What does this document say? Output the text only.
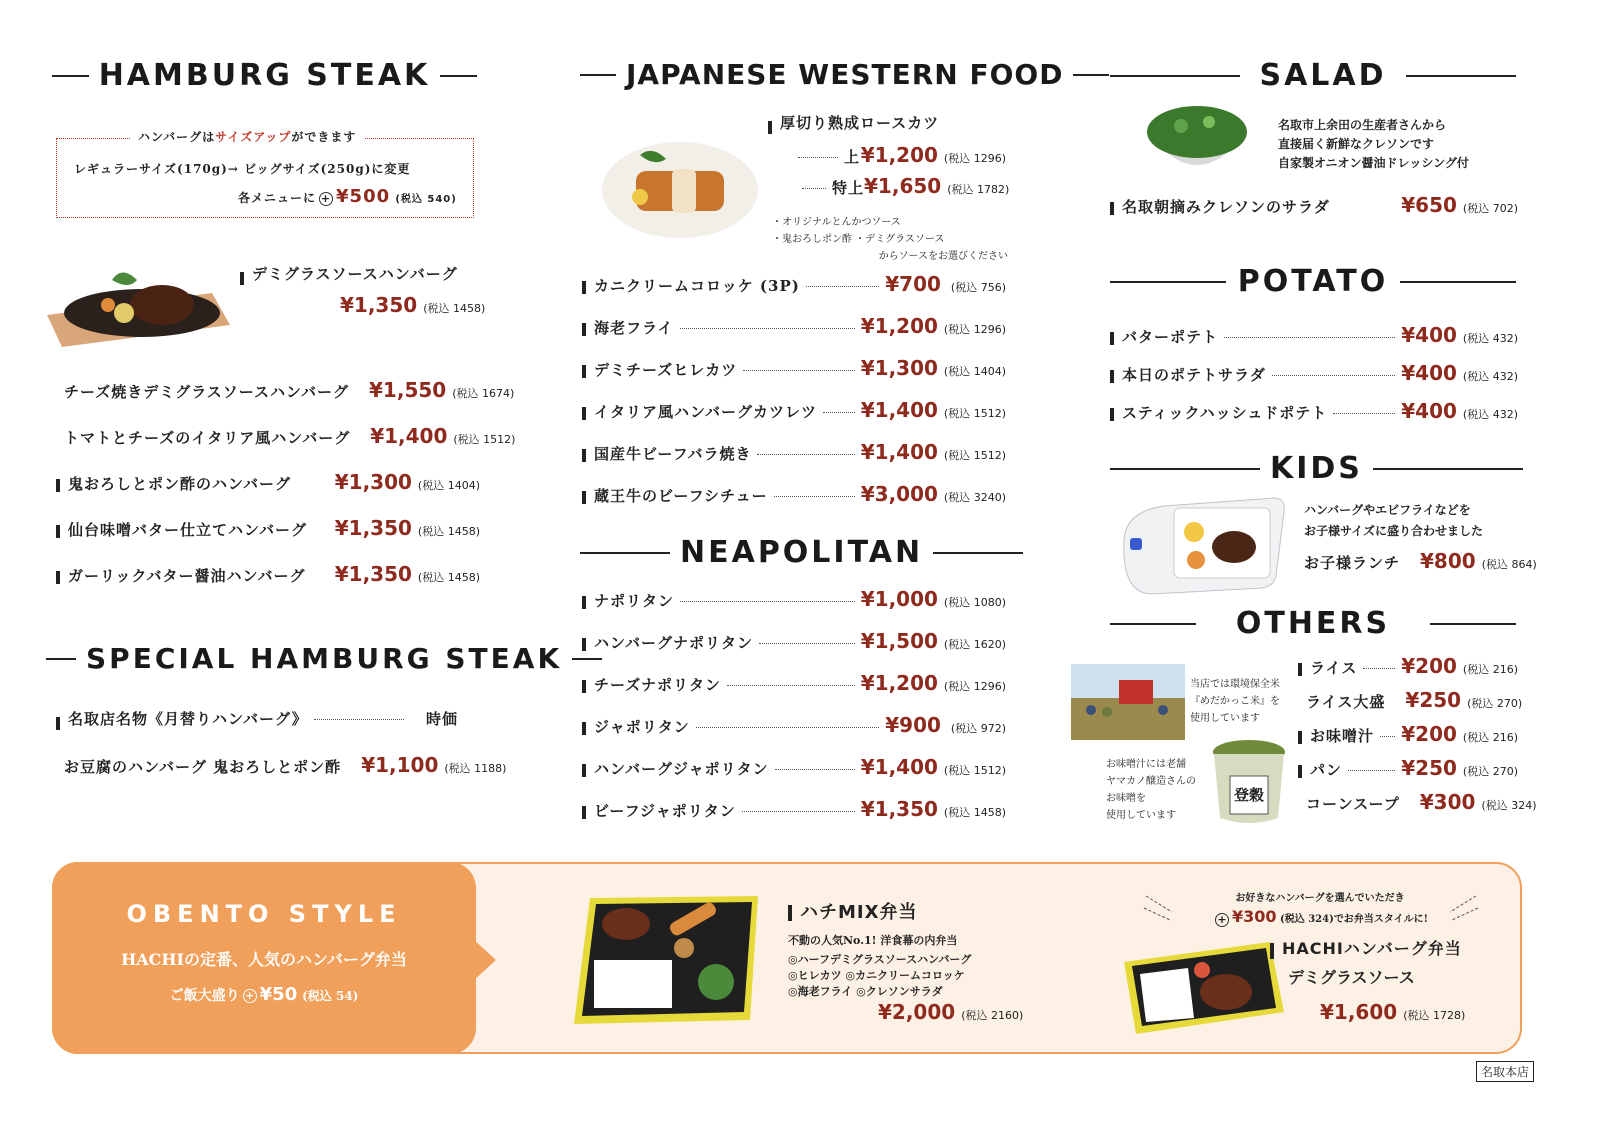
HAMBURG STEAK
ハンバーグはサイズアップができます
レギュラーサイズ(170g)→ ビッグサイズ(250g)に変更
各メニューに + ¥500 (税込 540)
デミグラスソースハンバーグ
¥1,350 (税込 1458)
チーズ焼きデミグラスソースハンバーグ ¥1,550 (税込 1674)
トマトとチーズのイタリア風ハンバーグ ¥1,400 (税込 1512)
鬼おろしとポン酢のハンバーグ ¥1,300 (税込 1404)
仙台味噌バター仕立てハンバーグ ¥1,350 (税込 1458)
ガーリックバター醤油ハンバーグ ¥1,350 (税込 1458)
SPECIAL HAMBURG STEAK
名取店名物《月替りハンバーグ》	時価
お豆腐のハンバーグ 鬼おろしとポン酢 ¥1,100 (税込 1188)
JAPANESE WESTERN FOOD
厚切り熟成ロースカツ
上 ¥1,200 (税込 1296)
特上 ¥1,650 (税込 1782)
・オリジナルとんかつソース
・鬼おろしポン酢 ・デミグラスソース
からソースをお選びください
カニクリームコロッケ (3P)	¥700 (税込 756)
海老フライ	¥1,200 (税込 1296)
デミチーズヒレカツ	¥1,300 (税込 1404)
イタリア風ハンバーグカツレツ ¥1,400 (税込 1512)
国産牛ビーフバラ焼き	¥1,400 (税込 1512)
蔵王牛のビーフシチュー	¥3,000 (税込 3240)
NEAPOLITAN
ナポリタン	¥1,000 (税込 1080)
ハンバーグナポリタン	¥1,500 (税込 1620)
チーズナポリタン	¥1,200 (税込 1296)
ジャポリタン	¥900 (税込 972)
ハンバーグジャポリタン	¥1,400 (税込 1512)
ビーフジャポリタン	¥1,350 (税込 1458)
SALAD
名取市上余田の生産者さんから
直接届く新鮮なクレソンです
自家製オニオン醤油ドレッシング付
名取朝摘みクレソンのサラダ	¥650 (税込 702)
POTATO
バターポテト	¥400 (税込 432)
本日のポテトサラダ	¥400 (税込 432)
スティックハッシュドポテト	¥400 (税込 432)
KIDS
ハンバーグやエビフライなどを
お子様サイズに盛り合わせました
お子様ランチ ¥800 (税込 864)
OTHERS
当店では環境保全米
『めだかっこ米』を
使用しています
お味噌汁には老舗
ヤマカノ醸造さんの
お味噌を
使用しています
登穀
ライス ¥200 (税込 216)
ライス大盛 ¥250 (税込 270)
お味噌汁 ¥200 (税込 216)
パン	¥250 (税込 270)
コーンスープ ¥300 (税込 324)
OBENTO STYLE
HACHIの定番、人気のハンバーグ弁当
ご飯大盛り + ¥50 (税込 54)
ハチMIX弁当
不動の人気No.1! 洋食幕の内弁当
◎ハーフデミグラスソースハンバーグ
◎ヒレカツ ◎カニクリームコロッケ
◎海老フライ ◎クレソンサラダ
¥2,000 (税込 2160)
お好きなハンバーグを選んでいただき
+ ¥300 (税込 324)でお弁当スタイルに!
HACHIハンバーグ弁当
デミグラスソース
¥1,600 (税込 1728)
名取本店
